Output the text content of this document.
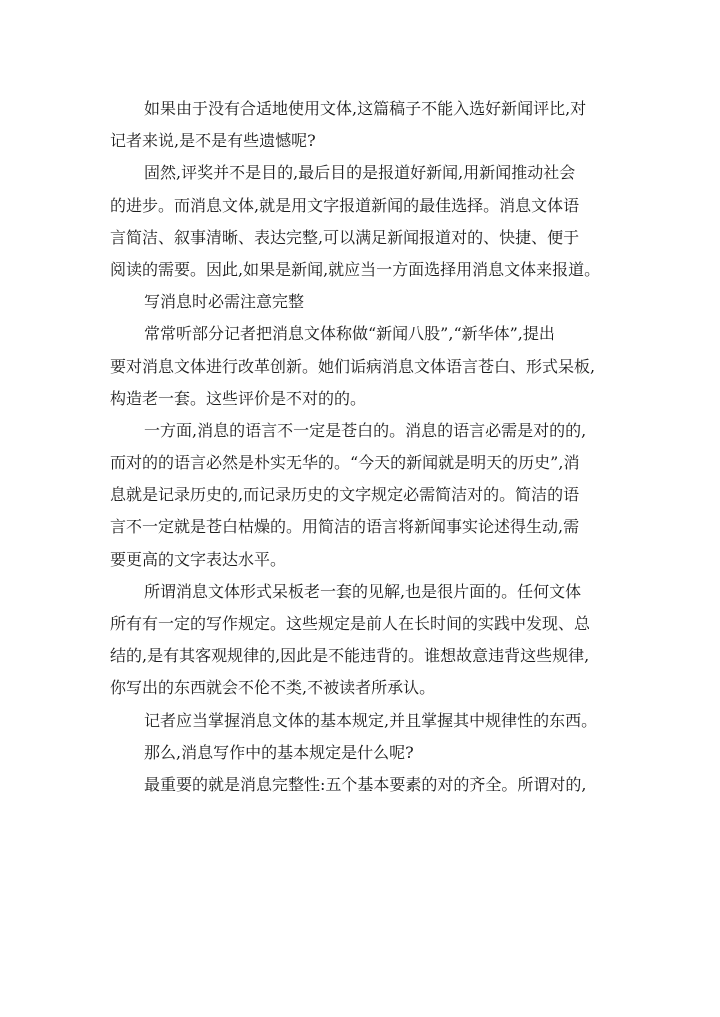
如果由于没有合适地使用文体,这篇稿子不能入选好新闻评比,对
记者来说,是不是有些遗憾呢?
固然,评奖并不是目的,最后目的是报道好新闻,用新闻推动社会
的进步。而消息文体,就是用文字报道新闻的最佳选择。消息文体语
言简洁、叙事清晰、表达完整,可以满足新闻报道对的、快捷、便于
阅读的需要。因此,如果是新闻,就应当一方面选择用消息文体来报道。
写消息时必需注意完整
常常听部分记者把消息文体称做“新闻八股”,“新华体”,提出
要对消息文体进行改革创新。她们诟病消息文体语言苍白、形式呆板,
构造老一套。这些评价是不对的的。
一方面,消息的语言不一定是苍白的。消息的语言必需是对的的,
而对的的语言必然是朴实无华的。“今天的新闻就是明天的历史”,消
息就是记录历史的,而记录历史的文字规定必需简洁对的。简洁的语
言不一定就是苍白枯燥的。用简洁的语言将新闻事实论述得生动,需
要更高的文字表达水平。
所谓消息文体形式呆板老一套的见解,也是很片面的。任何文体
所有有一定的写作规定。这些规定是前人在长时间的实践中发现、总
结的,是有其客观规律的,因此是不能违背的。谁想故意违背这些规律,
你写出的东西就会不伦不类,不被读者所承认。
记者应当掌握消息文体的基本规定,并且掌握其中规律性的东西。
那么,消息写作中的基本规定是什么呢?
最重要的就是消息完整性:五个基本要素的对的齐全。所谓对的,
